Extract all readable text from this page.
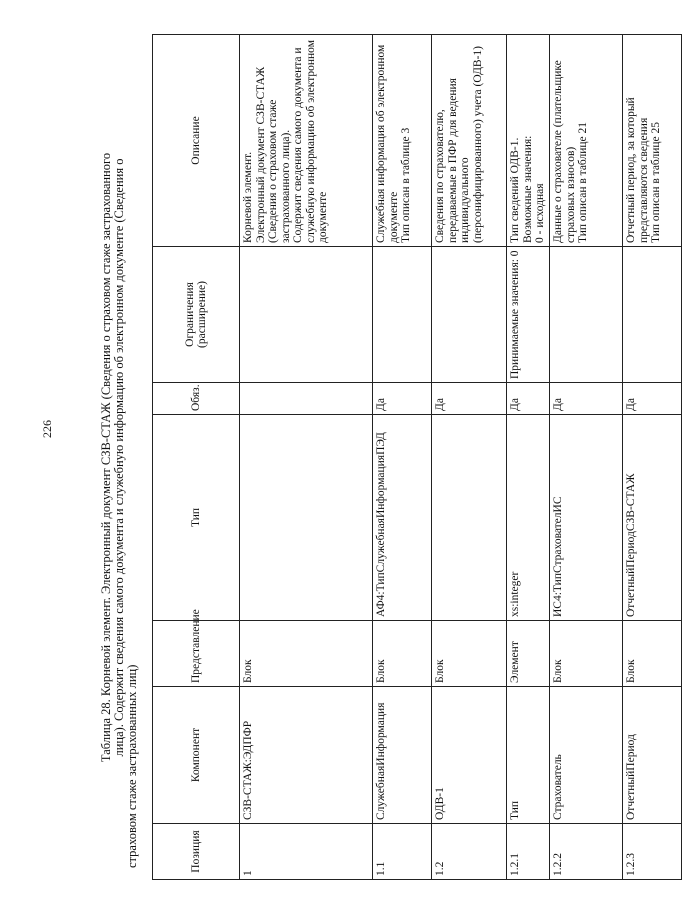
226	Таблица 28. Корневой элемент. Электронный документ СЗВ-СТАЖ (Сведения о страховом стаже застрахованного
лица). Содержит сведения самого документа и служебную информацию об электронном документе (Сведения о
страховом стаже застрахованных лиц)	Позиция	Компонент	Представление	Тип	Обяз.	Ограничения (расширение)	Описание
1	СЗВ-СТАЖ:ЭДПФР	Блок				Корневой элемент.
Электронный документ СЗВ-СТАЖ (Сведения о страховом стаже застрахованного лица).
Содержит сведения самого документа и служебную информацию об электронном документе
1.1	СлужебнаяИнформация	Блок	АФ4:ТипСлужебнаяИнформацияПЭД	Да		Служебная информация об электронном документе
Тип описан в таблице 3
1.2	ОДВ-1	Блок		Да		Сведения по страхователю, передаваемые в ПФР для ведения индивидуального (персонифицированного) учета (ОДВ-1)
1.2.1	Тип	Элемент	xs:integer	Да	Принимаемые значения: 0	Тип сведений ОДВ-1.
Возможные значения:
0 - исходная
1.2.2	Страхователь	Блок	ИС4:ТипСтрахователИС	Да		Данные о страхователе (плательщике страховых взносов)
Тип описан в таблице 21
1.2.3	ОтчетныйПериод	Блок	ОтчетныйПериодСЗВ-СТАЖ	Да		Отчетный период, за который представляются сведения
Тип описан в таблице 25
